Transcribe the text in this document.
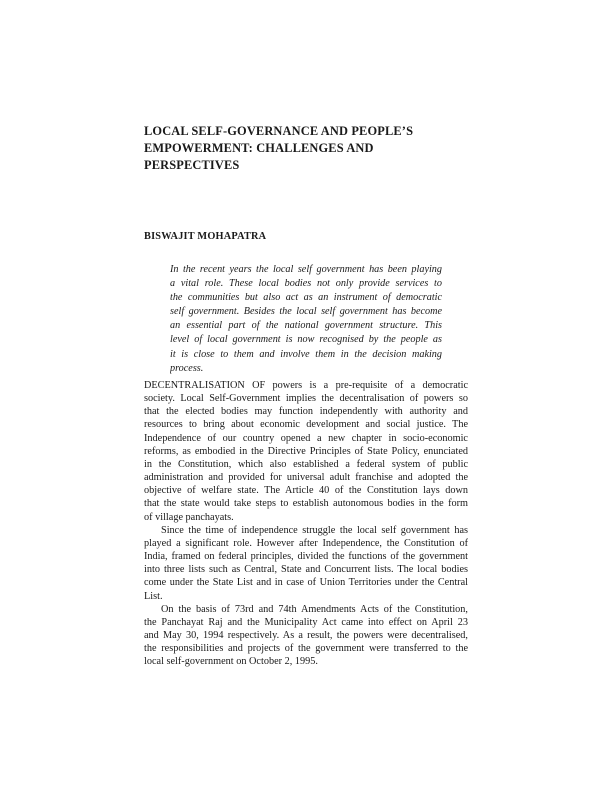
LOCAL SELF-GOVERNANCE AND PEOPLE’S
EMPOWERMENT: CHALLENGES AND
PERSPECTIVES

BISWAJIT MOHAPATRA

In the recent years the local self government has been playing
a vital role. These local bodies not only provide services to
the communities but also act as an instrument of democratic
self government. Besides the local self government has become
an essential part of the national government structure. This
level of local government is now recognised by the people as
it is close to them and involve them in the decision making
process.
DECENTRALISATION OF powers is a pre-requisite of a democratic
society. Local Self-Government implies the decentralisation of powers so
that the elected bodies may function independently with authority and
resources to bring about economic development and social justice. The
Independence of our country opened a new chapter in socio-economic
reforms, as embodied in the Directive Principles of State Policy, enunciated
in the Constitution, which also established a federal system of public
administration and provided for universal adult franchise and adopted the
objective of welfare state. The Article 40 of the Constitution lays down
that the state would take steps to establish autonomous bodies in the form
of village panchayats.
Since the time of independence struggle the local self government has
played a significant role. However after Independence, the Constitution of
India, framed on federal principles, divided the functions of the government
into three lists such as Central, State and Concurrent lists. The local bodies
come under the State List and in case of Union Territories under the Central
List.
On the basis of 73rd and 74th Amendments Acts of the Constitution,
the Panchayat Raj and the Municipality Act came into effect on April 23
and May 30, 1994 respectively. As a result, the powers were decentralised,
the responsibilities and projects of the government were transferred to the
local self-government on October 2, 1995.
